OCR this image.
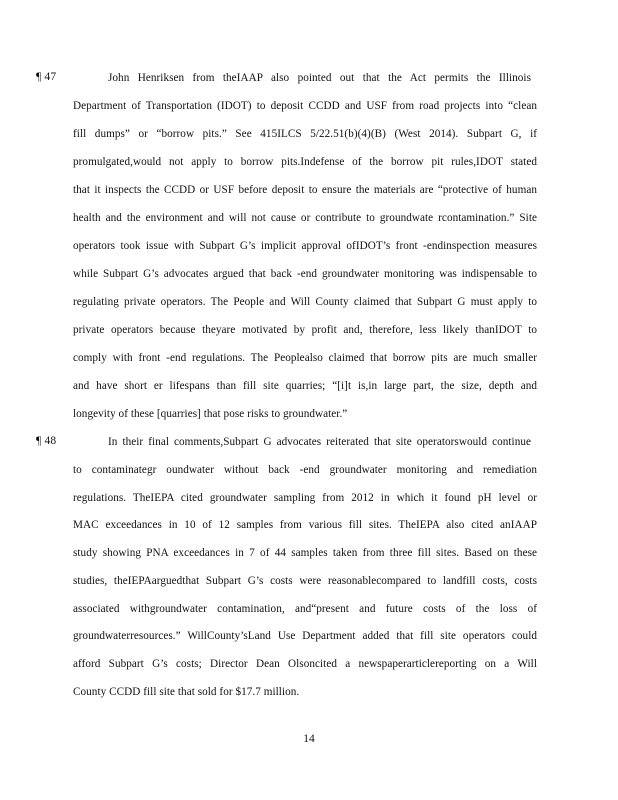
¶ 47	John Henriksen from theIAAP also pointed out that the Act permits the Illinois
Department of Transportation (IDOT) to deposit CCDD and USF from road projects into “clean
fill dumps” or “borrow pits.” See 415ILCS 5/22.51(b)(4)(B) (West 2014). Subpart G, if
promulgated,would not apply to borrow pits.Indefense of the borrow pit rules,IDOT stated
that it inspects the CCDD or USF before deposit to ensure the materials are “protective of human
health and the environment and will not cause or contribute to groundwate rcontamination.” Site
operators took issue with Subpart G’s implicit approval ofIDOT’s front -endinspection measures
while Subpart G’s advocates argued that back -end groundwater monitoring was indispensable to
regulating private operators. The People and Will County claimed that Subpart G must apply to
private operators because theyare motivated by profit and, therefore, less likely thanIDOT to
comply with front -end regulations. The Peoplealso claimed that borrow pits are much smaller
and have short er lifespans than fill site quarries; “[i]t is,in large part, the size, depth and
longevity of these [quarries] that pose risks to groundwater.”
¶ 48	In their final comments,Subpart G advocates reiterated that site operatorswould continue
to contaminategr oundwater without back -end groundwater monitoring and remediation
regulations. TheIEPA cited groundwater sampling from 2012 in which it found pH level or
MAC exceedances in 10 of 12 samples from various fill sites. TheIEPA also cited anIAAP
study showing PNA exceedances in 7 of 44 samples taken from three fill sites. Based on these
studies, theIEPAarguedthat Subpart G’s costs were reasonablecompared to landfill costs, costs
associated withgroundwater contamination, and“present and future costs of the loss of
groundwaterresources.” WillCounty’sLand Use Department added that fill site operators could
afford Subpart G’s costs; Director Dean Olsoncited a newspaperarticlereporting on a Will
County CCDD fill site that sold for $17.7 million.
14
